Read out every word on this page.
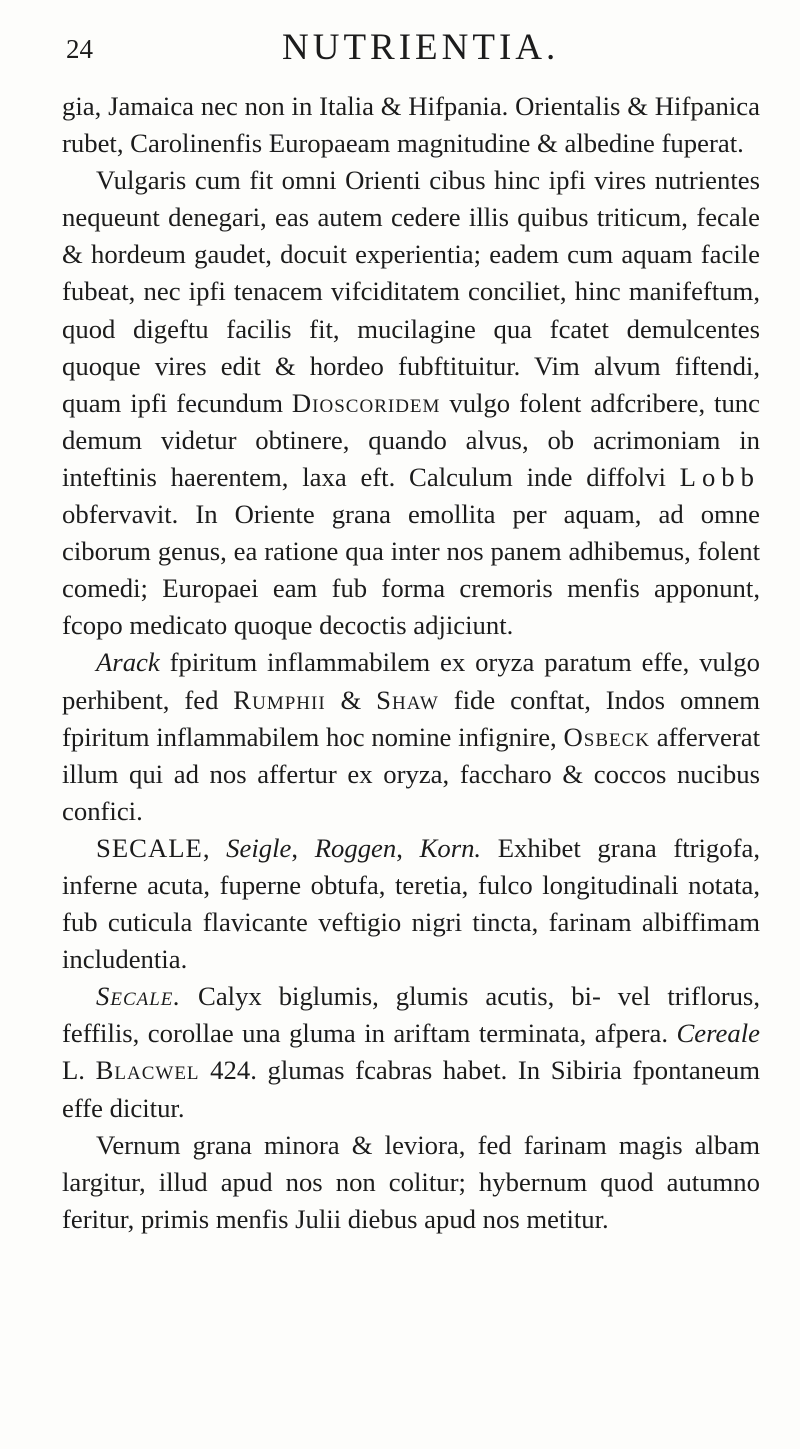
24	NUTRIENTIA.

gia, Jamaica nec non in Italia & Hifpania. Orientalis & Hifpanica rubet, Carolinenfis Europaeam magnitudine & albedine fuperat.

Vulgaris cum fit omni Orienti cibus hinc ipfi vires nutrientes nequeunt denegari, eas autem cedere illis quibus triticum, fecale & hordeum gaudet, docuit experientia; eadem cum aquam facile fubeat, nec ipfi tenacem vifciditatem conciliet, hinc manifeftum, quod digeftu facilis fit, mucilagine qua fcatet demulcentes quoque vires edit & hordeo fubftituitur. Vim alvum fiftendi, quam ipfi fecundum Dioscoridem vulgo folent adfcribere, tunc demum videtur obtinere, quando alvus, ob acrimoniam in inteftinis haerentem, laxa eft. Calculum inde diffolvi Lobb obfervavit. In Oriente grana emollita per aquam, ad omne ciborum genus, ea ratione qua inter nos panem adhibemus, folent comedi; Europaei eam fub forma cremoris menfis apponunt, fcopo medicato quoque decoctis adjiciunt.

Arack fpiritum inflammabilem ex oryza paratum effe, vulgo perhibent, fed Rumphii & Shaw fide conftat, Indos omnem fpiritum inflammabilem hoc nomine infignire, Osbeck afferverat illum qui ad nos affertur ex oryza, faccharo & coccos nucibus confici.

SECALE, Seigle, Roggen, Korn. Exhibet grana ftrigofa, inferne acuta, fuperne obtufa, teretia, fulco longitudinali notata, fub cuticula flavicante veftigio nigri tincta, farinam albiffimam includentia.

Secale. Calyx biglumis, glumis acutis, bi- vel triflorus, feffilis, corollae una gluma in ariftam terminata, afpera. Cereale L. Blacwel 424. glumas fcabras habet. In Sibiria fpontaneum effe dicitur.

Vernum grana minora & leviora, fed farinam magis albam largitur, illud apud nos non colitur; hybernum quod autumno feritur, primis menfis Julii diebus apud nos metitur.
